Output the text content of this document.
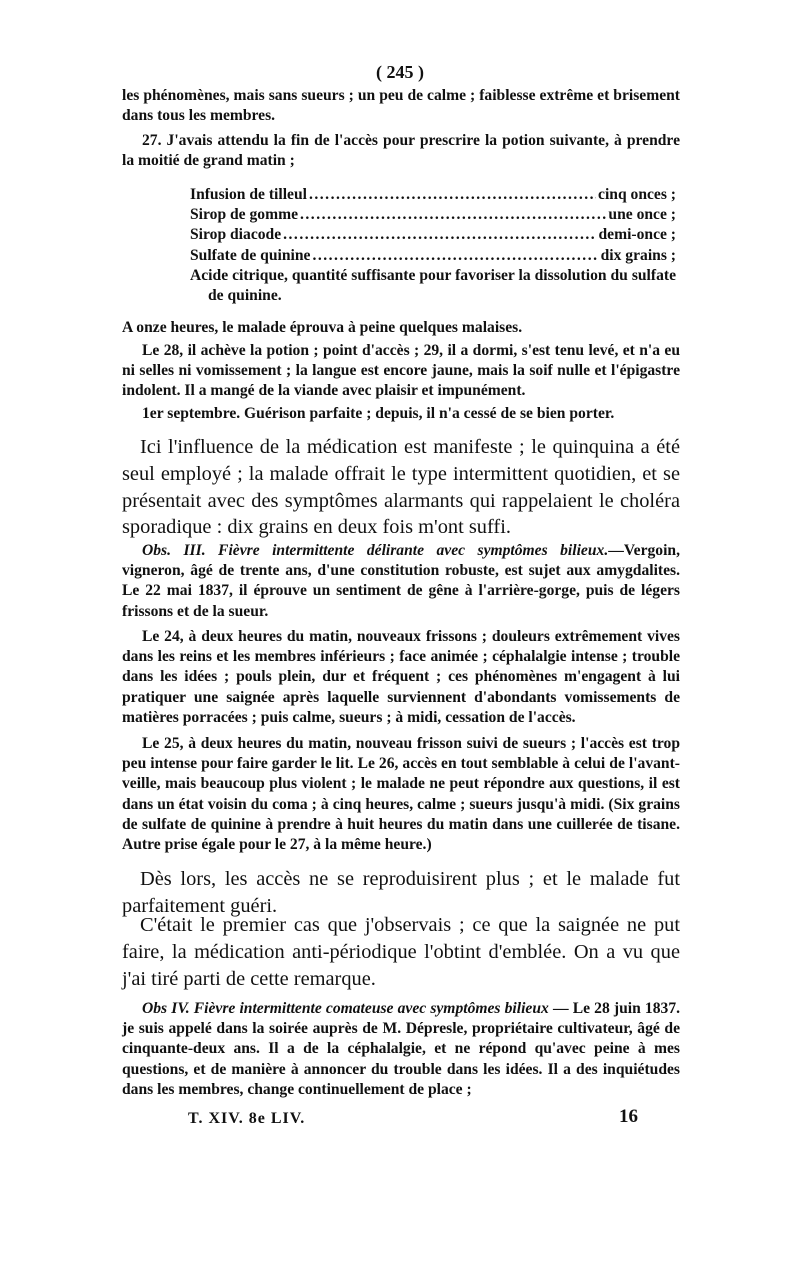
( 245 )

les phénomènes, mais sans sueurs ; un peu de calme ; faiblesse extrême et brisement dans tous les membres.

27. J'avais attendu la fin de l'accès pour prescrire la potion suivante, à prendre la moitié de grand matin ;

Infusion de tilleul . . .	cinq onces ;
Sirop de gomme . . .	une once ;
Sirop diacode . . .	demi-once ;
Sulfate de quinine . . .	dix grains ;
Acide citrique, quantité suffisante pour favoriser la dissolution du sulfate de quinine.

A onze heures, le malade éprouva à peine quelques malaises.

Le 28, il achève la potion ; point d'accès ; 29, il a dormi, s'est tenu levé, et n'a eu ni selles ni vomissement ; la langue est encore jaune, mais la soif nulle et l'épigastre indolent. Il a mangé de la viande avec plaisir et impunément.

1er septembre. Guérison parfaite ; depuis, il n'a cessé de se bien porter.

Ici l'influence de la médication est manifeste ; le quinquina a été seul employé ; la malade offrait le type intermittent quotidien, et se présentait avec des symptômes alarmants qui rappelaient le choléra sporadique : dix grains en deux fois m'ont suffi.

Obs. III. Fièvre intermittente délirante avec symptômes bilieux.—Vergoin, vigneron, âgé de trente ans, d'une constitution robuste, est sujet aux amygdalites. Le 22 mai 1837, il éprouve un sentiment de gêne à l'arrière-gorge, puis de légers frissons et de la sueur.

Le 24, à deux heures du matin, nouveaux frissons ; douleurs extrêmement vives dans les reins et les membres inférieurs ; face animée ; céphalalgie intense ; trouble dans les idées ; pouls plein, dur et fréquent ; ces phénomènes m'engagent à lui pratiquer une saignée après laquelle surviennent d'abondants vomissements de matières porracées ; puis calme, sueurs ; à midi, cessation de l'accès.

Le 25, à deux heures du matin, nouveau frisson suivi de sueurs ; l'accès est trop peu intense pour faire garder le lit. Le 26, accès en tout semblable à celui de l'avant-veille, mais beaucoup plus violent ; le malade ne peut répondre aux questions, il est dans un état voisin du coma ; à cinq heures, calme ; sueurs jusqu'à midi. (Six grains de sulfate de quinine à prendre à huit heures du matin dans une cuillerée de tisane. Autre prise égale pour le 27, à la même heure.)

Dès lors, les accès ne se reproduisirent plus ; et le malade fut parfaitement guéri.

C'était le premier cas que j'observais ; ce que la saignée ne put faire, la médication anti-périodique l'obtint d'emblée. On a vu que j'ai tiré parti de cette remarque.

Obs IV. Fièvre intermittente comateuse avec symptômes bilieux — Le 28 juin 1837. je suis appelé dans la soirée auprès de M. Dépresle, propriétaire cultivateur, âgé de cinquante-deux ans. Il a de la céphalalgie, et ne répond qu'avec peine à mes questions, et de manière à annoncer du trouble dans les idées. Il a des inquiétudes dans les membres, change continuellement de place ;

T. XIV. 8e LIV.	16
